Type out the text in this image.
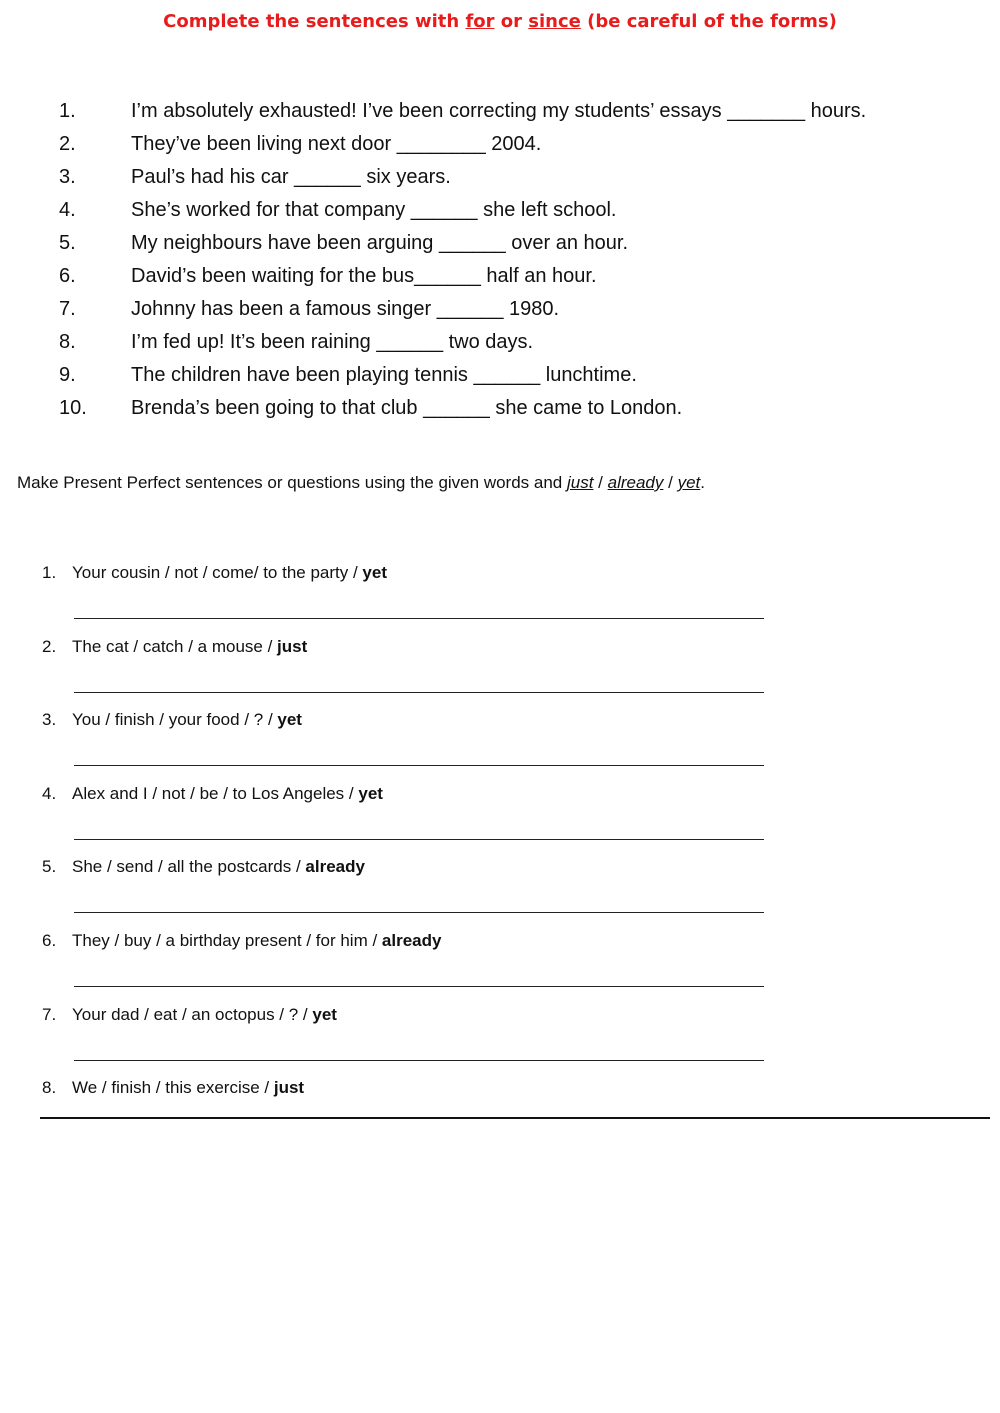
Complete the sentences with for or since (be careful of the forms)
1.	I’m absolutely exhausted! I’ve been correcting my students’ essays _______ hours.
2.	They’ve been living next door ________ 2004.
3.	Paul’s had his car ______ six years.
4.	She’s worked for that company ______ she left school.
5.	My neighbours have been arguing ______ over an hour.
6.	David’s been waiting for the bus______ half an hour.
7.	Johnny has been a famous singer ______ 1980.
8.	I’m fed up! It’s been raining ______ two days.
9.	The children have been playing tennis ______ lunchtime.
10. Brenda’s been going to that club ______ she came to London.
Make Present Perfect sentences or questions using the given words and just / already / yet.
1. Your cousin / not / come/ to the party / yet
2. The cat / catch / a mouse / just
3. You / finish / your food / ? / yet
4. Alex and I / not / be / to Los Angeles / yet
5. She / send / all the postcards / already
6. They / buy / a birthday present / for him / already
7. Your dad / eat / an octopus / ? / yet
8. We / finish / this exercise / just
